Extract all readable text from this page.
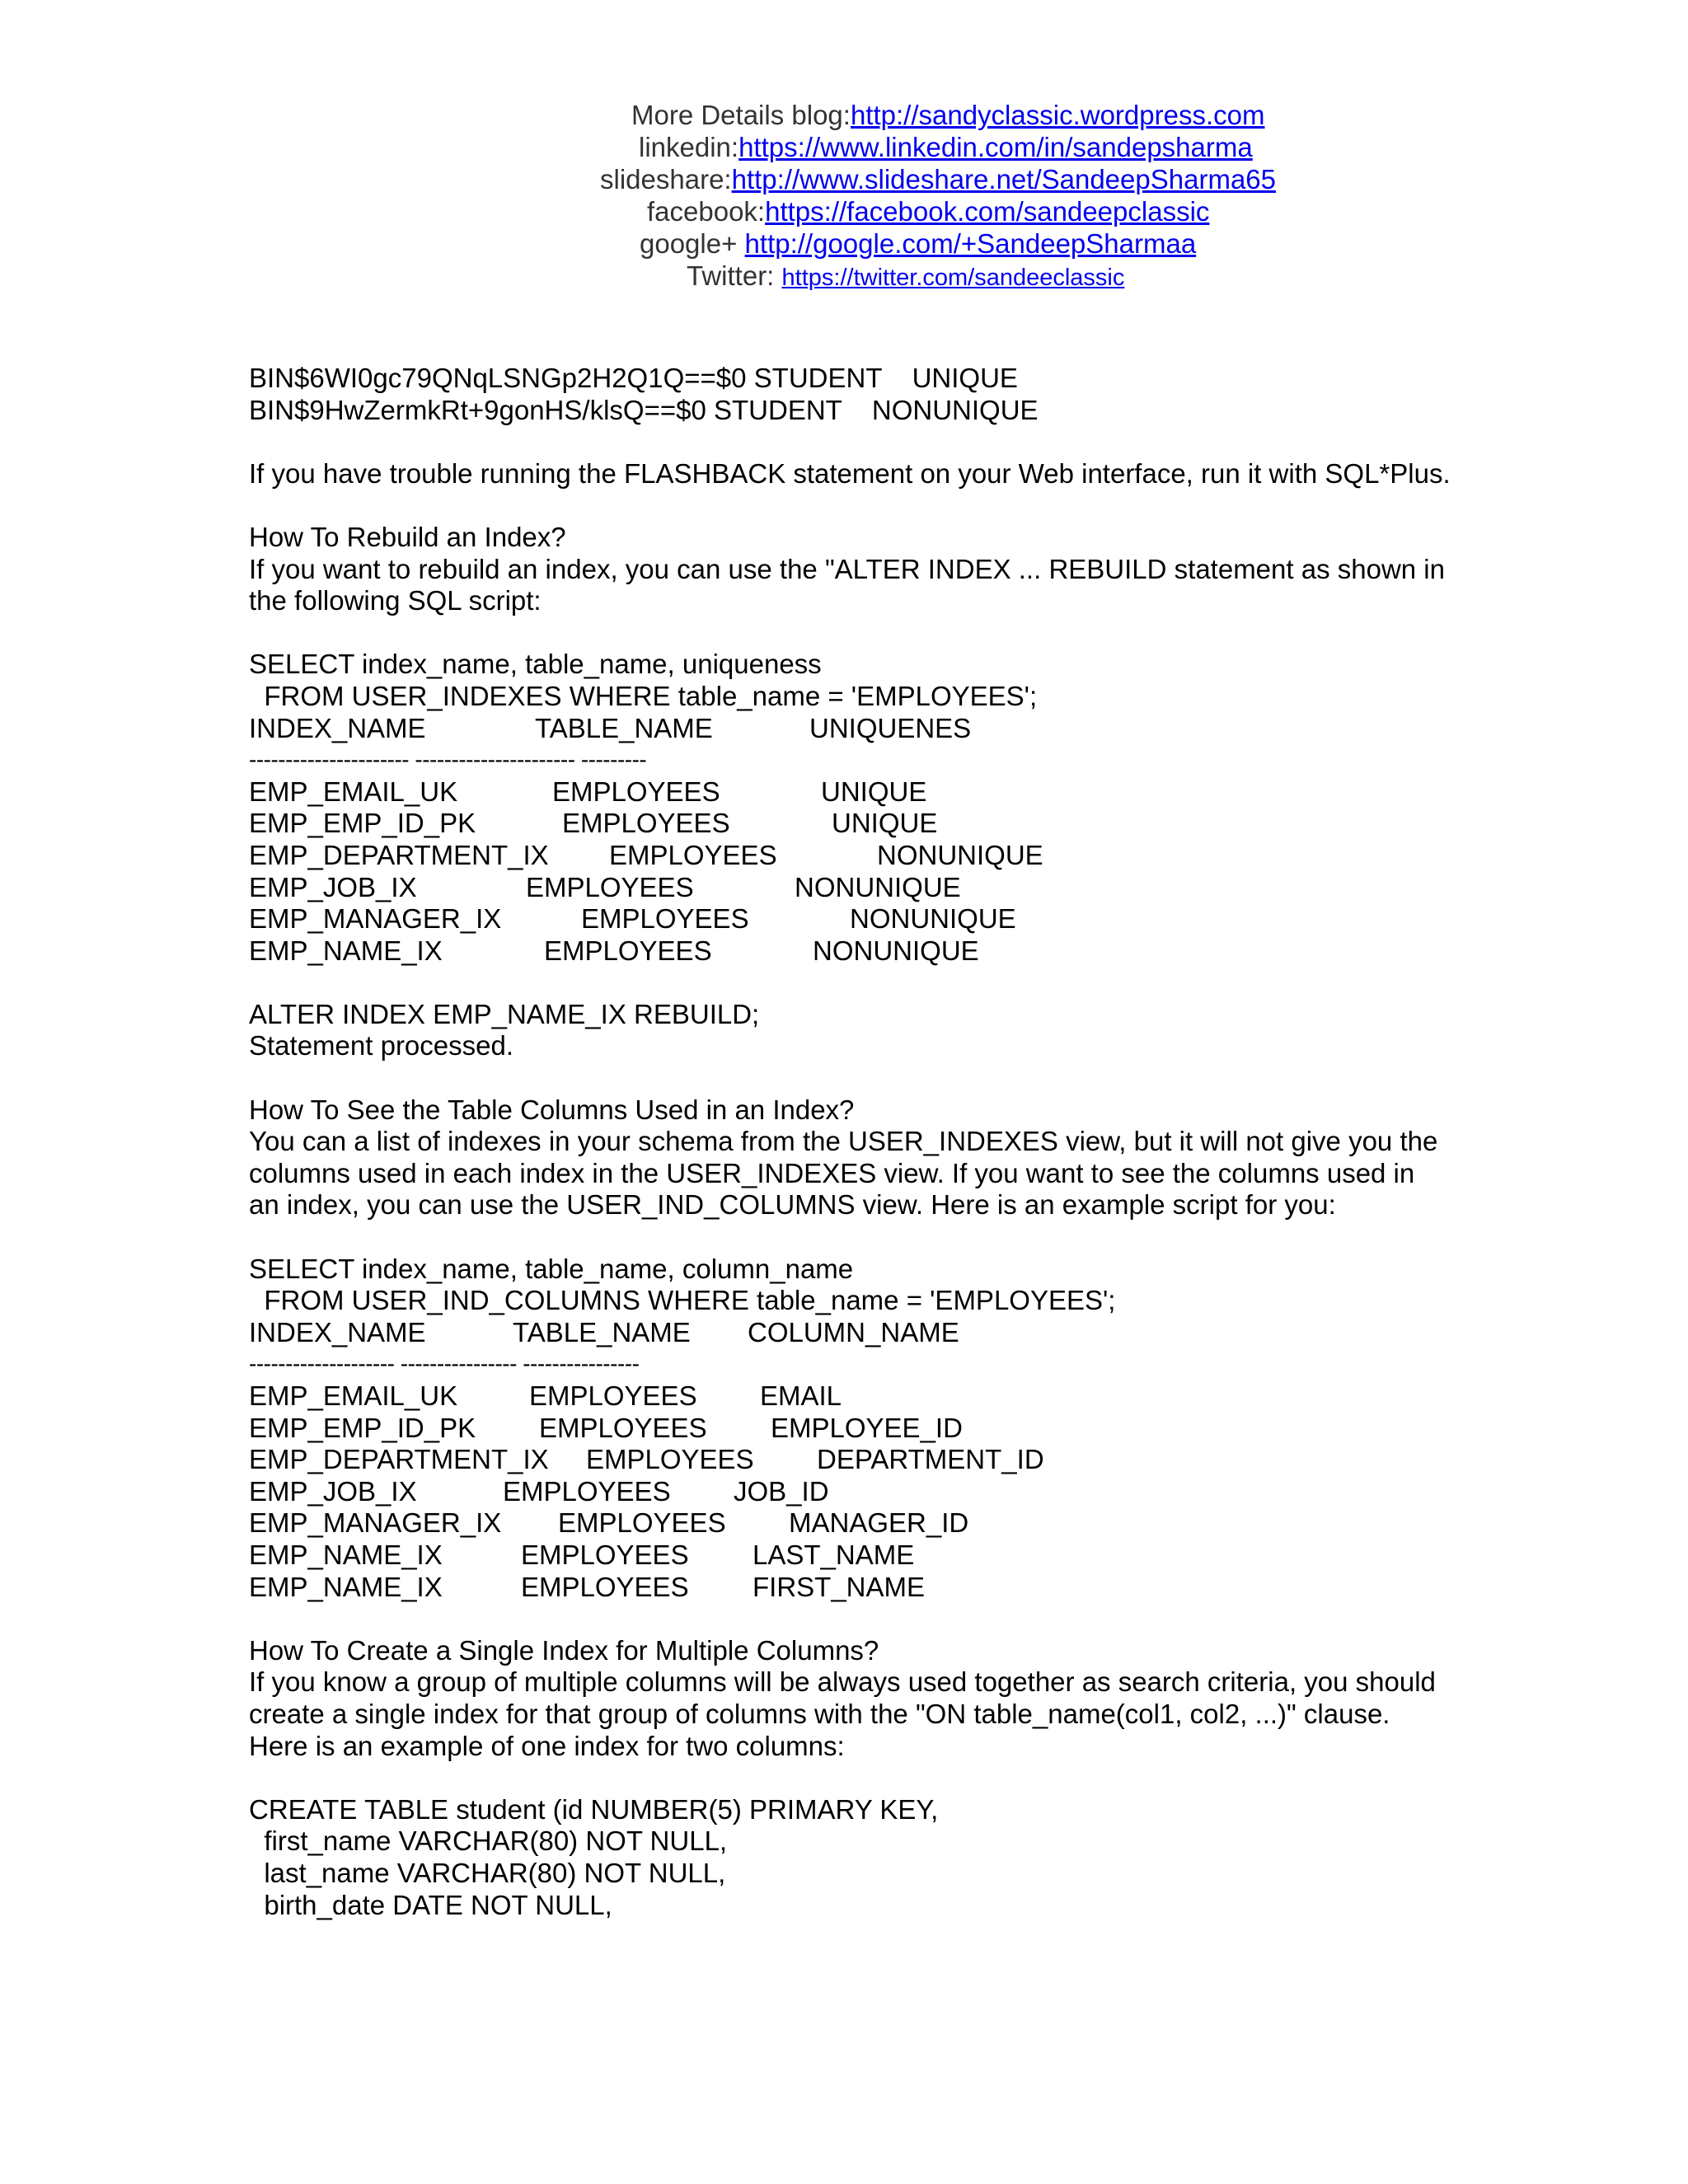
More Details blog:http://sandyclassic.wordpress.com
linkedin:https://www.linkedin.com/in/sandepsharma
slideshare:http://www.slideshare.net/SandeepSharma65
facebook:https://facebook.com/sandeepclassic
google+ http://google.com/+SandeepSharmaa
Twitter: https://twitter.com/sandeeclassic
BIN$6WI0gc79QNqLSNGp2H2Q1Q==$0 STUDENT    UNIQUE
BIN$9HwZermkRt+9gonHS/klsQ==$0 STUDENT    NONUNIQUE
If you have trouble running the FLASHBACK statement on your Web interface, run it with SQL*Plus.
How To Rebuild an Index?
If you want to rebuild an index, you can use the "ALTER INDEX ... REBUILD statement as shown in the following SQL script:
SELECT index_name, table_name, uniqueness
FROM USER_INDEXES WHERE table_name = 'EMPLOYEES';
INDEX_NAME	TABLE_NAME	UNIQUENES
---------------------- ---------------------- ---------
EMP_EMAIL_UK	EMPLOYEES	UNIQUE
EMP_EMP_ID_PK	EMPLOYEES	UNIQUE
EMP_DEPARTMENT_IX EMPLOYEES	NONUNIQUE
EMP_JOB_IX	EMPLOYEES	NONUNIQUE
EMP_MANAGER_IX	EMPLOYEES	NONUNIQUE
EMP_NAME_IX	EMPLOYEES	NONUNIQUE
ALTER INDEX EMP_NAME_IX REBUILD;
Statement processed.
How To See the Table Columns Used in an Index?
You can a list of indexes in your schema from the USER_INDEXES view, but it will not give you the columns used in each index in the USER_INDEXES view. If you want to see the columns used in an index, you can use the USER_IND_COLUMNS view. Here is an example script for you:
SELECT index_name, table_name, column_name
FROM USER_IND_COLUMNS WHERE table_name = 'EMPLOYEES';
INDEX_NAME	TABLE_NAME COLUMN_NAME
-------------------- ---------------- ----------------
EMP_EMAIL_UK	EMPLOYEES EMAIL
EMP_EMP_ID_PK EMPLOYEES EMPLOYEE_ID
EMP_DEPARTMENT_IX EMPLOYEES DEPARTMENT_ID
EMP_JOB_IX	EMPLOYEES JOB_ID
EMP_MANAGER_IX EMPLOYEES MANAGER_ID
EMP_NAME_IX	EMPLOYEES LAST_NAME
EMP_NAME_IX	EMPLOYEES FIRST_NAME
How To Create a Single Index for Multiple Columns?
If you know a group of multiple columns will be always used together as search criteria, you should create a single index for that group of columns with the "ON table_name(col1, col2, ...)" clause. Here is an example of one index for two columns:
CREATE TABLE student (id NUMBER(5) PRIMARY KEY,
first_name VARCHAR(80) NOT NULL,
last_name VARCHAR(80) NOT NULL,
birth_date DATE NOT NULL,
